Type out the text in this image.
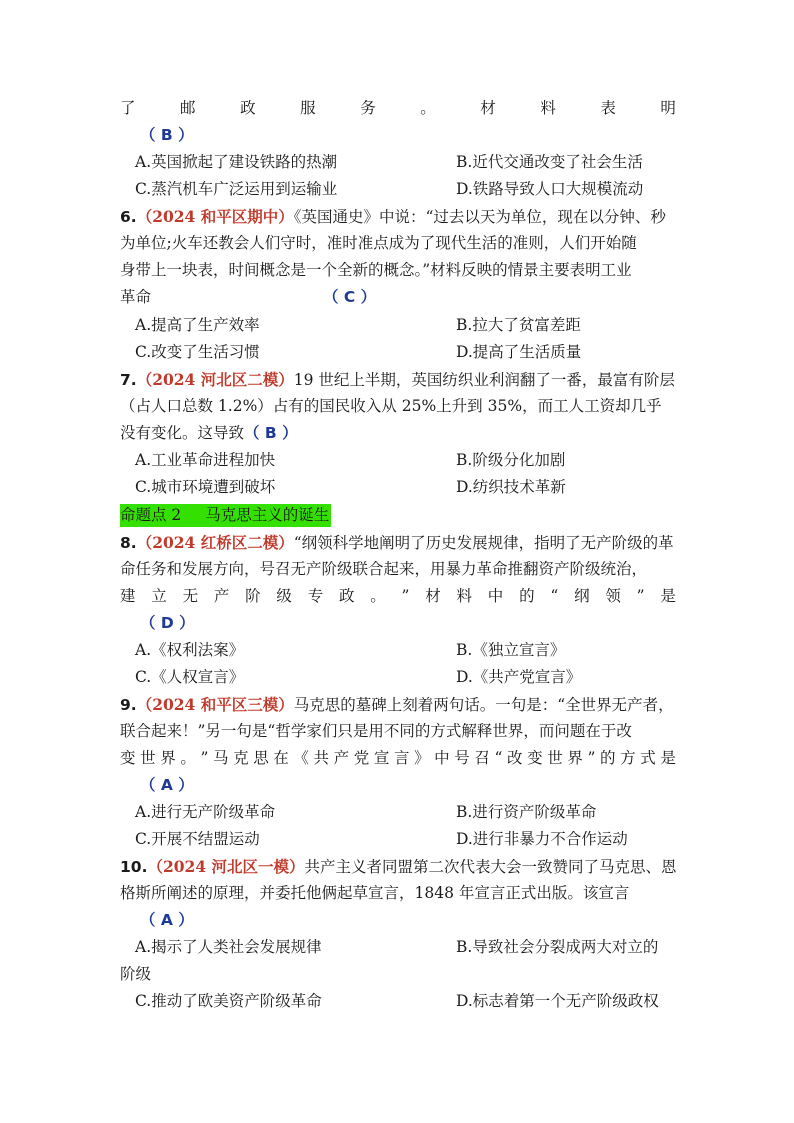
了	邮	政	服	务	。	材	料	表	明
（ B ）
A.英国掀起了建设铁路的热潮	B.近代交通改变了社会生活
C.蒸汽机车广泛运用到运输业	D.铁路导致人口大规模流动
6.（2024 和平区期中）《英国通史》中说：“过去以天为单位，现在以分钟、秒
为单位;火车还教会人们守时，准时准点成为了现代生活的准则，人们开始随
身带上一块表，时间概念是一个全新的概念。”材料反映的情景主要表明工业
革命	（ C ）
A.提高了生产效率	B.拉大了贫富差距
C.改变了生活习惯	D.提高了生活质量
7.（2024 河北区二模）19 世纪上半期，英国纺织业利润翻了一番，最富有阶层
（占人口总数 1.2%）占有的国民收入从 25%上升到 35%，而工人工资却几乎
没有变化。这导致（ B ）
A.工业革命进程加快	B.阶级分化加剧
C.城市环境遭到破坏	D.纺织技术革新
命题点 2 马克思主义的诞生
8.（2024 红桥区二模）“纲领科学地阐明了历史发展规律，指明了无产阶级的革
命任务和发展方向，号召无产阶级联合起来，用暴力革命推翻资产阶级统治，
建 立 无 产 阶 级 专 政 。 ” 材 料 中 的 “ 纲 领 ” 是
（ D ）
A.《权利法案》	B.《独立宣言》
C.《人权宣言》	D.《共产党宣言》
9.（2024 和平区三模）马克思的墓碑上刻着两句话。一句是：“全世界无产者，
联合起来！”另一句是“哲学家们只是用不同的方式解释世界，而问题在于改
变 世 界 。 ” 马 克 思 在 《 共 产 党 宣 言 》 中 号 召 “ 改 变 世 界 ” 的 方 式 是
（ A ）
A.进行无产阶级革命	B.进行资产阶级革命
C.开展不结盟运动	D.进行非暴力不合作运动
10.（2024 河北区一模）共产主义者同盟第二次代表大会一致赞同了马克思、恩
格斯所阐述的原理，并委托他俩起草宣言，1848 年宣言正式出版。该宣言
（ A ）
A.揭示了人类社会发展规律	B.导致社会分裂成两大对立的
阶级
C.推动了欧美资产阶级革命	D.标志着第一个无产阶级政权
